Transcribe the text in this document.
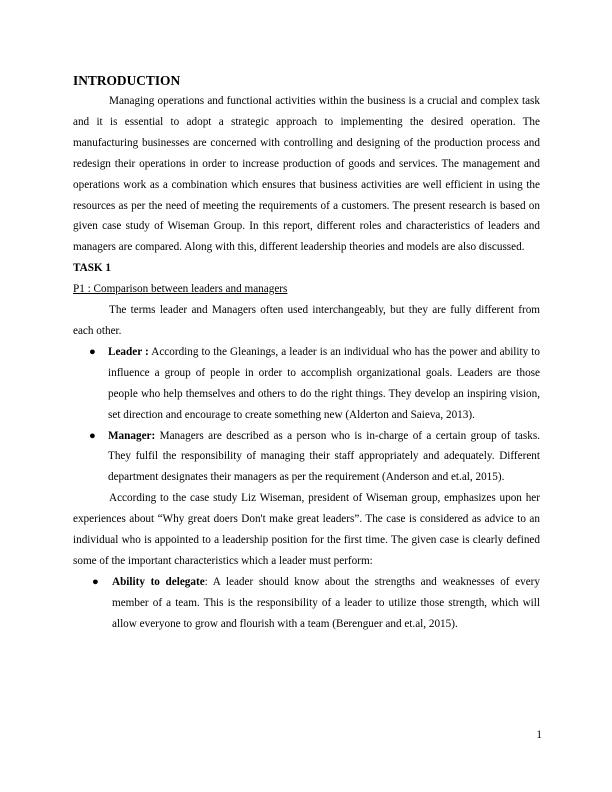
INTRODUCTION

Managing operations and functional activities within the business is a crucial and complex task and it is essential to adopt a strategic approach to implementing the desired operation. The manufacturing businesses are concerned with controlling and designing of the production process and redesign their operations in order to increase production of goods and services. The management and operations work as a combination which ensures that business activities are well efficient in using the resources as per the need of meeting the requirements of a customers. The present research is based on given case study of Wiseman Group. In this report, different roles and characteristics of leaders and managers are compared. Along with this, different leadership theories and models are also discussed.

TASK 1

P1 : Comparison between leaders and managers

The terms leader and Managers often used interchangeably, but they are fully different from each other.

● Leader : According to the Gleanings, a leader is an individual who has the power and ability to influence a group of people in order to accomplish organizational goals. Leaders are those people who help themselves and others to do the right things. They develop an inspiring vision, set direction and encourage to create something new (Alderton and Saieva, 2013).
● Manager: Managers are described as a person who is in-charge of a certain group of tasks. They fulfil the responsibility of managing their staff appropriately and adequately. Different department designates their managers as per the requirement (Anderson and et.al, 2015).

According to the case study Liz Wiseman, president of Wiseman group, emphasizes upon her experiences about “Why great doers Don't make great leaders”. The case is considered as advice to an individual who is appointed to a leadership position for the first time. The given case is clearly defined some of the important characteristics which a leader must perform:

● Ability to delegate: A leader should know about the strengths and weaknesses of every member of a team. This is the responsibility of a leader to utilize those strength, which will allow everyone to grow and flourish with a team (Berenguer and et.al, 2015).
1
